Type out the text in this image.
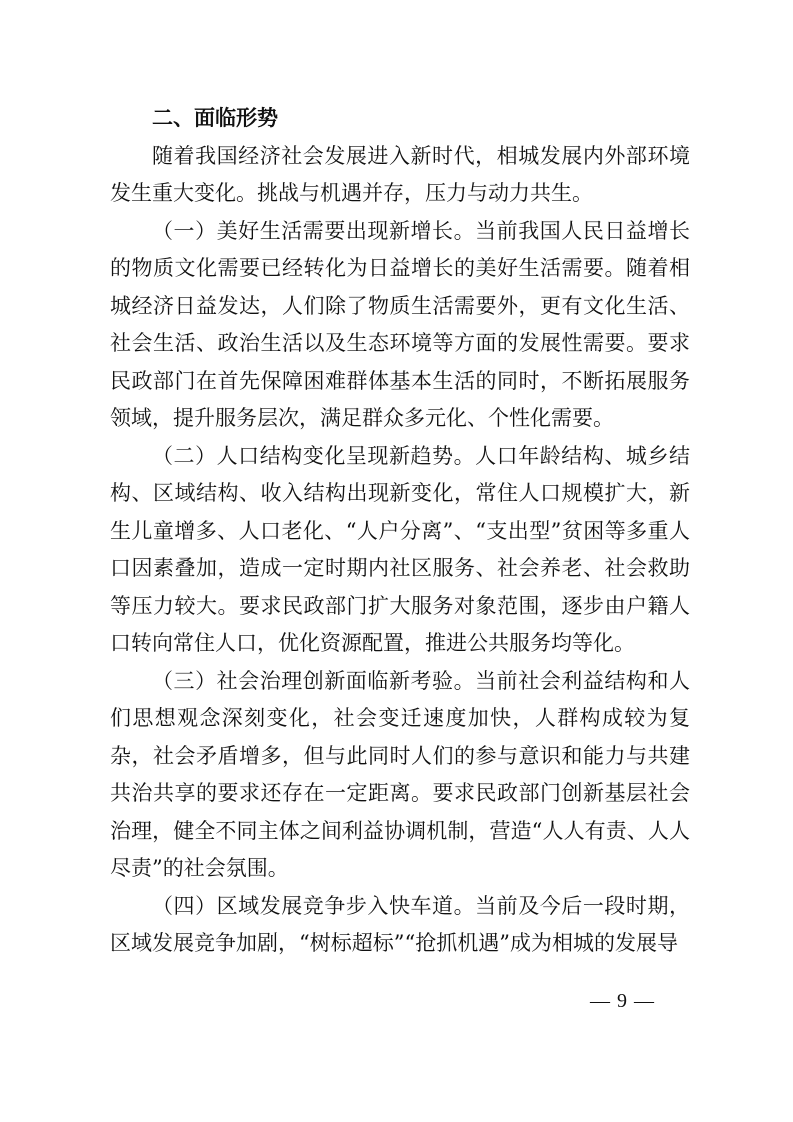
二、面临形势

随着我国经济社会发展进入新时代，相城发展内外部环境发生重大变化。挑战与机遇并存，压力与动力共生。

（一）美好生活需要出现新增长。当前我国人民日益增长的物质文化需要已经转化为日益增长的美好生活需要。随着相城经济日益发达，人们除了物质生活需要外，更有文化生活、社会生活、政治生活以及生态环境等方面的发展性需要。要求民政部门在首先保障困难群体基本生活的同时，不断拓展服务领域，提升服务层次，满足群众多元化、个性化需要。

（二）人口结构变化呈现新趋势。人口年龄结构、城乡结构、区域结构、收入结构出现新变化，常住人口规模扩大，新生儿童增多、人口老化、“人户分离”、“支出型”贫困等多重人口因素叠加，造成一定时期内社区服务、社会养老、社会救助等压力较大。要求民政部门扩大服务对象范围，逐步由户籍人口转向常住人口，优化资源配置，推进公共服务均等化。

（三）社会治理创新面临新考验。当前社会利益结构和人们思想观念深刻变化，社会变迁速度加快，人群构成较为复杂，社会矛盾增多，但与此同时人们的参与意识和能力与共建共治共享的要求还存在一定距离。要求民政部门创新基层社会治理，健全不同主体之间利益协调机制，营造“人人有责、人人尽责”的社会氛围。

（四）区域发展竞争步入快车道。当前及今后一段时期，区域发展竞争加剧，“树标超标”“抢抓机遇”成为相城的发展导

— 9 —
